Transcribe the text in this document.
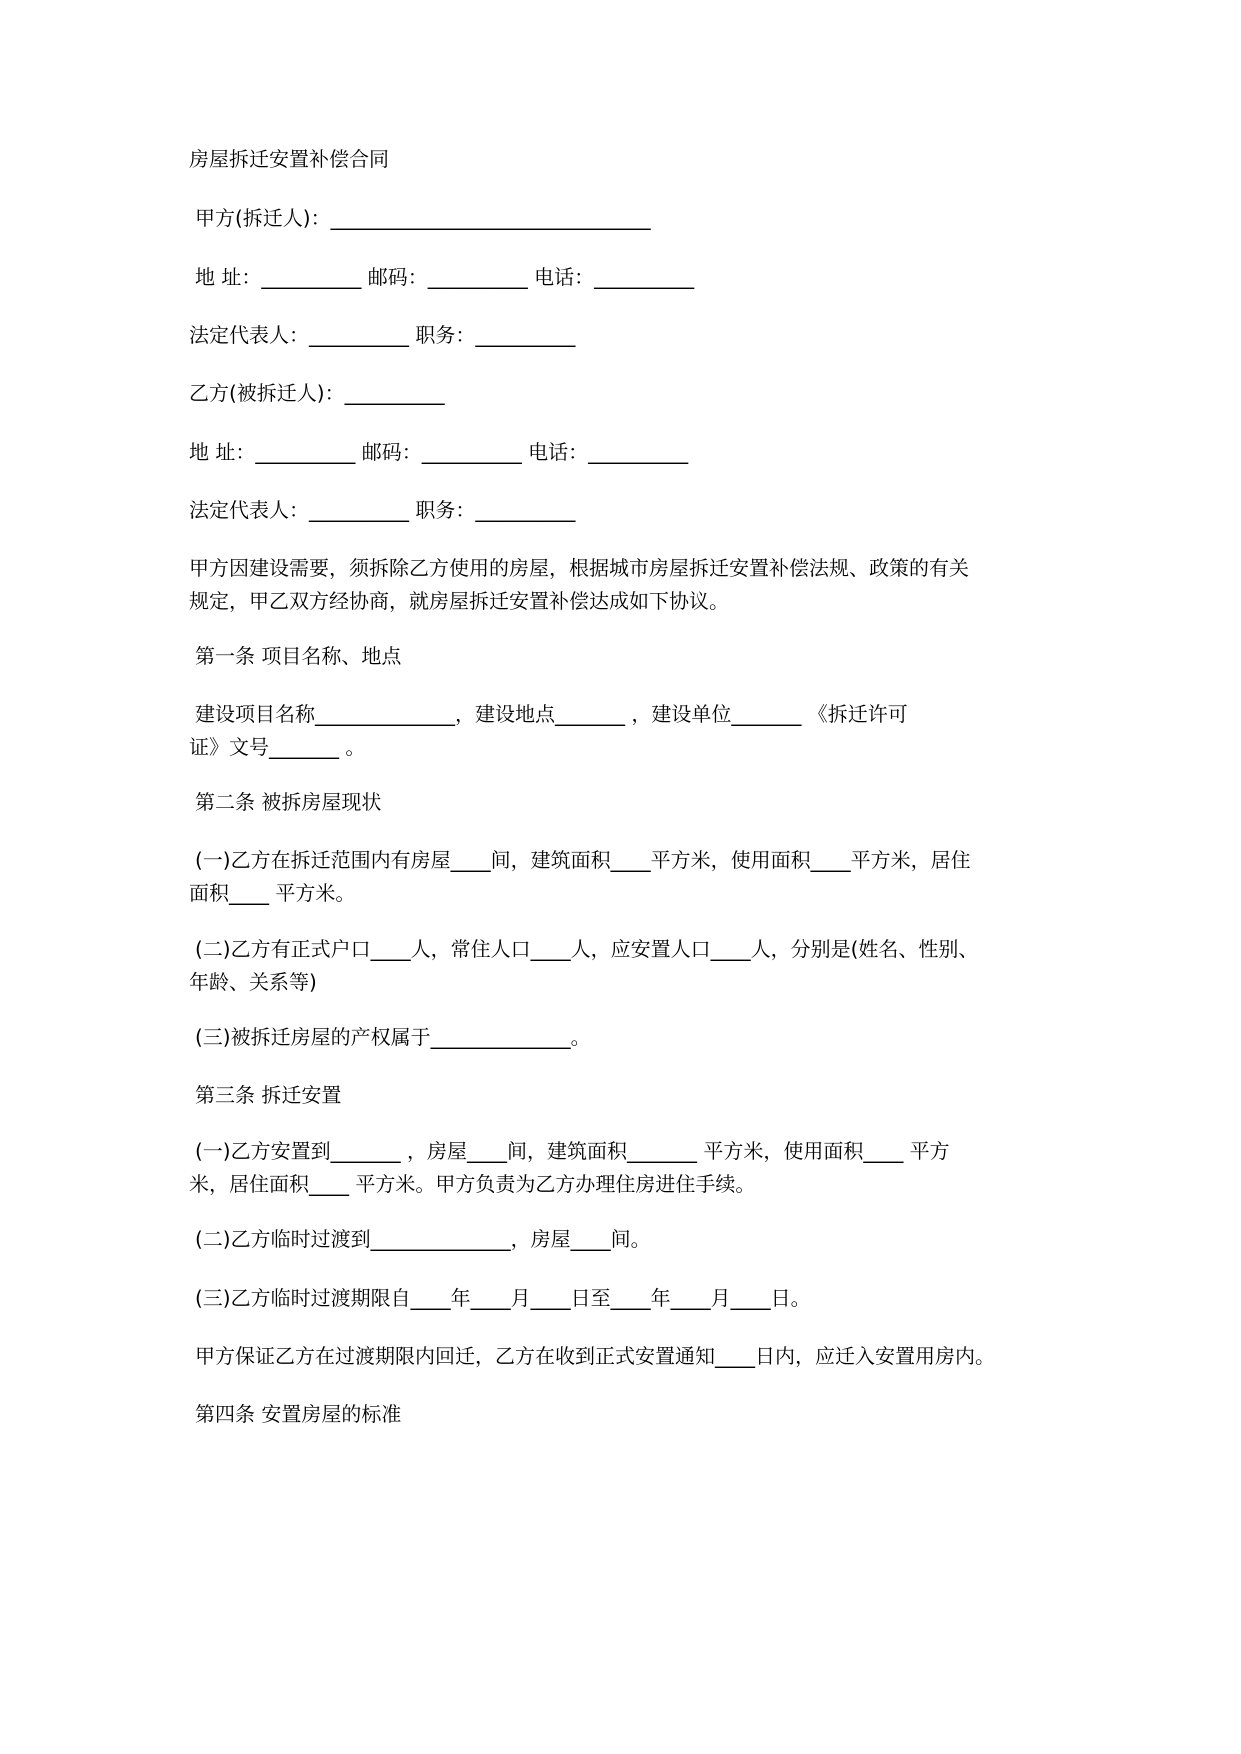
房屋拆迁安置补偿合同
甲方(拆迁人)：________________________________
地 址：__________ 邮码：__________ 电话：__________
法定代表人：__________ 职务：__________
乙方(被拆迁人)：__________
地 址：__________ 邮码：__________ 电话：__________
法定代表人：__________ 职务：__________
甲方因建设需要，须拆除乙方使用的房屋，根据城市房屋拆迁安置补偿法规、政策的有关
规定，甲乙双方经协商，就房屋拆迁安置补偿达成如下协议。
第一条 项目名称、地点
建设项目名称______________，建设地点_______ ，建设单位_______ 《拆迁许可
证》文号_______ 。
第二条 被拆房屋现状
(一)乙方在拆迁范围内有房屋____间，建筑面积____平方米，使用面积____平方米，居住
面积____ 平方米。
(二)乙方有正式户口____人，常住人口____人，应安置人口____人，分别是(姓名、性别、
年龄、关系等)
(三)被拆迁房屋的产权属于______________。
第三条 拆迁安置
(一)乙方安置到_______ ，房屋____间，建筑面积_______ 平方米，使用面积____ 平方
米，居住面积____ 平方米。甲方负责为乙方办理住房进住手续。
(二)乙方临时过渡到______________，房屋____间。
(三)乙方临时过渡期限自____年____月____日至____年____月____日。
甲方保证乙方在过渡期限内回迁，乙方在收到正式安置通知____日内，应迁入安置用房内。
第四条 安置房屋的标准
